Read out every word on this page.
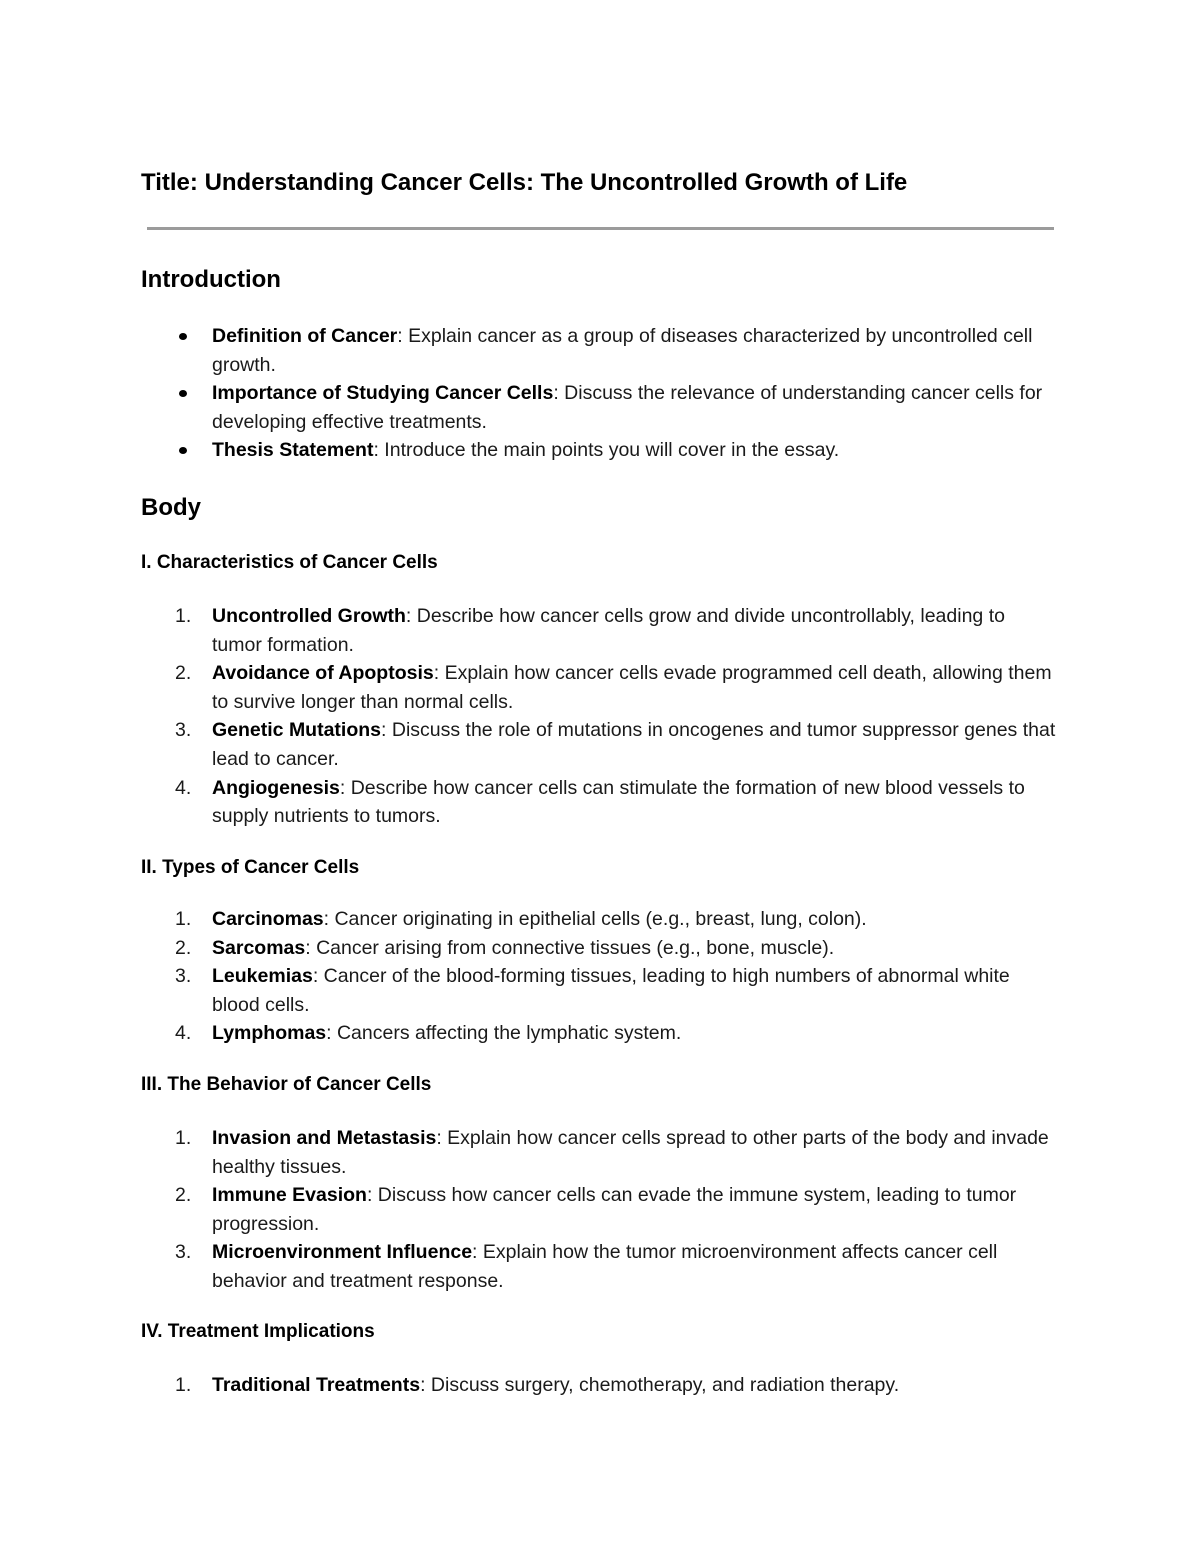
Title: Understanding Cancer Cells: The Uncontrolled Growth of Life
Introduction
Definition of Cancer: Explain cancer as a group of diseases characterized by uncontrolled cell growth.
Importance of Studying Cancer Cells: Discuss the relevance of understanding cancer cells for developing effective treatments.
Thesis Statement: Introduce the main points you will cover in the essay.
Body
I. Characteristics of Cancer Cells
1. Uncontrolled Growth: Describe how cancer cells grow and divide uncontrollably, leading to tumor formation.
2. Avoidance of Apoptosis: Explain how cancer cells evade programmed cell death, allowing them to survive longer than normal cells.
3. Genetic Mutations: Discuss the role of mutations in oncogenes and tumor suppressor genes that lead to cancer.
4. Angiogenesis: Describe how cancer cells can stimulate the formation of new blood vessels to supply nutrients to tumors.
II. Types of Cancer Cells
1. Carcinomas: Cancer originating in epithelial cells (e.g., breast, lung, colon).
2. Sarcomas: Cancer arising from connective tissues (e.g., bone, muscle).
3. Leukemias: Cancer of the blood-forming tissues, leading to high numbers of abnormal white blood cells.
4. Lymphomas: Cancers affecting the lymphatic system.
III. The Behavior of Cancer Cells
1. Invasion and Metastasis: Explain how cancer cells spread to other parts of the body and invade healthy tissues.
2. Immune Evasion: Discuss how cancer cells can evade the immune system, leading to tumor progression.
3. Microenvironment Influence: Explain how the tumor microenvironment affects cancer cell behavior and treatment response.
IV. Treatment Implications
1. Traditional Treatments: Discuss surgery, chemotherapy, and radiation therapy.
